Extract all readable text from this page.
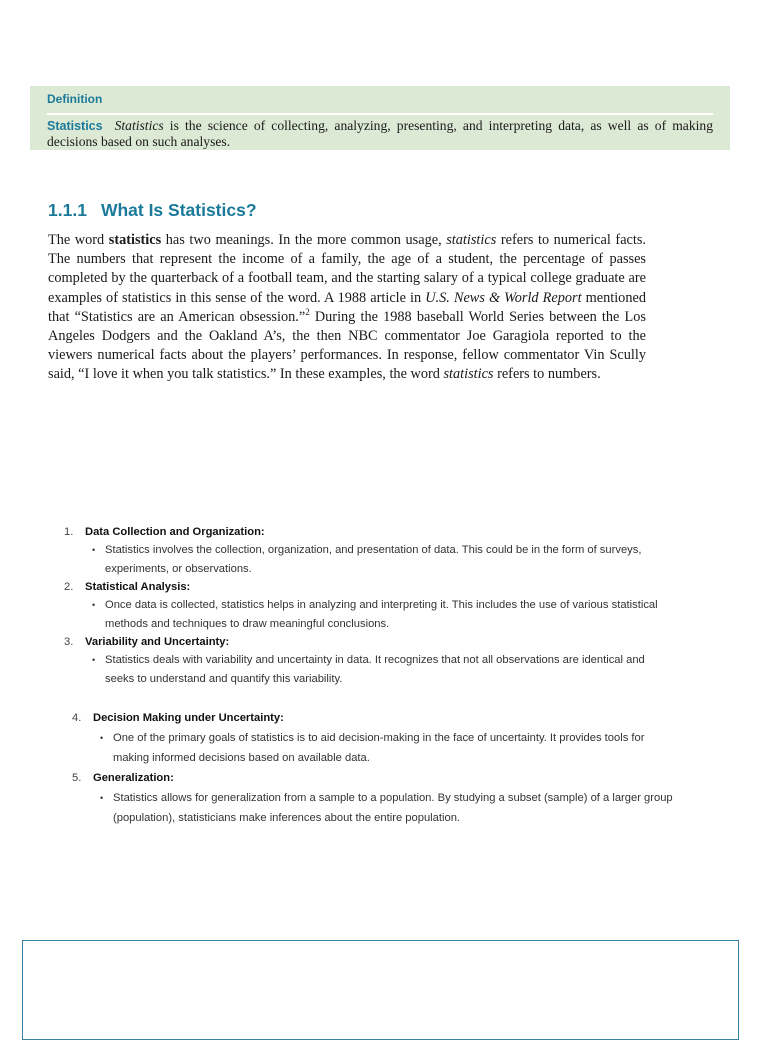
Definition
Statistics Statistics is the science of collecting, analyzing, presenting, and interpreting data, as well as of making decisions based on such analyses.
1.1.1 What Is Statistics?

The word statistics has two meanings. In the more common usage, statistics refers to numerical facts. The numbers that represent the income of a family, the age of a student, the percentage of passes completed by the quarterback of a football team, and the starting salary of a typical college graduate are examples of statistics in this sense of the word. A 1988 article in U.S. News & World Report mentioned that “Statistics are an American obsession.”$^2$ During the 1988 baseball World Series between the Los Angeles Dodgers and the Oakland A’s, the then NBC commentator Joe Garagiola reported to the viewers numerical facts about the players’ performances. In response, fellow commentator Vin Scully said, “I love it when you talk statistics.” In these examples, the word statistics refers to numbers.

1.	Data Collection and Organization:
• Statistics involves the collection, organization, and presentation of data. This could be in the form of surveys, experiments, or observations.
2.	Statistical Analysis:
• Once data is collected, statistics helps in analyzing and interpreting it. This includes the use of various statistical methods and techniques to draw meaningful conclusions.
3.	Variability and Uncertainty:
• Statistics deals with variability and uncertainty in data. It recognizes that not all observations are identical and seeks to understand and quantify this variability.
4.	Decision Making under Uncertainty:
• One of the primary goals of statistics is to aid decision-making in the face of uncertainty. It provides tools for making informed decisions based on available data.
5.	Generalization:
• Statistics allows for generalization from a sample to a population. By studying a subset (sample) of a larger group (population), statisticians make inferences about the entire population.
